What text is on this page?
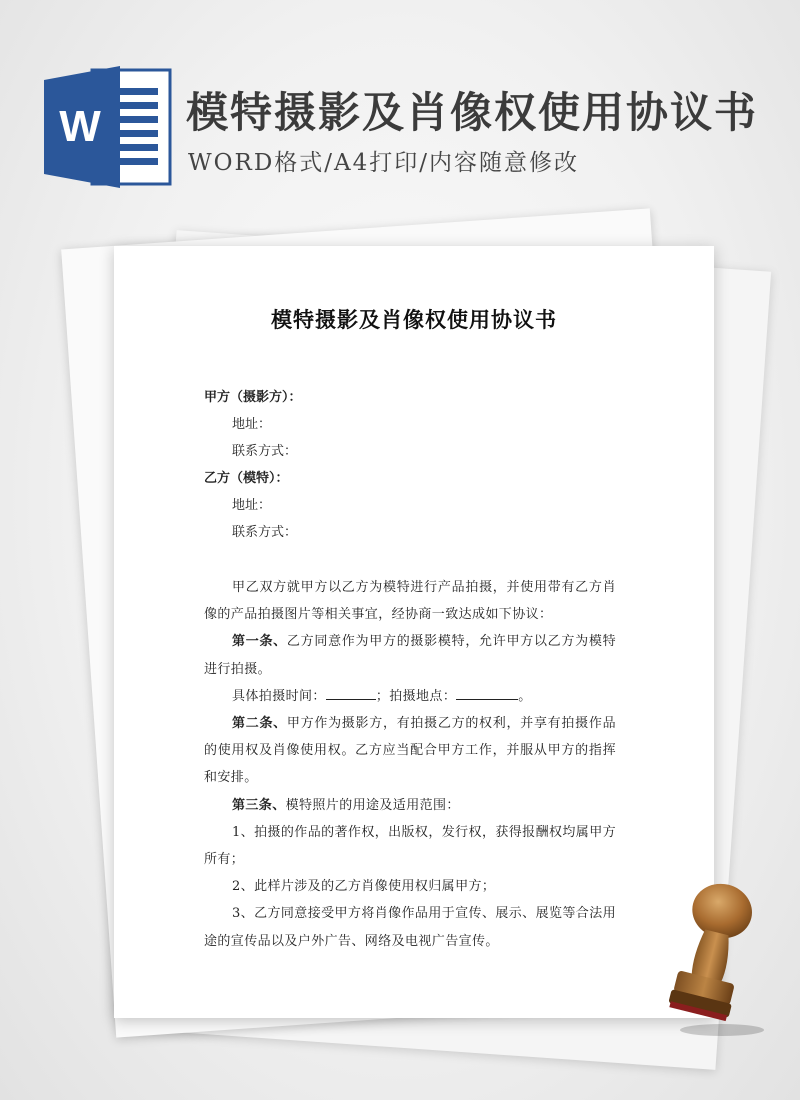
W 模特摄影及肖像权使用协议书
WORD格式/A4打印/内容随意修改
模特摄影及肖像权使用协议书
甲方（摄影方）：
地址：
联系方式：
乙方（模特）：
地址：
联系方式：

甲乙双方就甲方以乙方为模特进行产品拍摄，并使用带有乙方肖像的产品拍摄图片等相关事宜，经协商一致达成如下协议：

第一条、乙方同意作为甲方的摄影模特，允许甲方以乙方为模特进行拍摄。

具体拍摄时间：	；拍摄地点：	。

第二条、甲方作为摄影方，有拍摄乙方的权利，并享有拍摄作品的使用权及肖像使用权。乙方应当配合甲方工作，并服从甲方的指挥和安排。

第三条、模特照片的用途及适用范围：

1、拍摄的作品的著作权，出版权，发行权，获得报酬权均属甲方所有；

2、此样片涉及的乙方肖像使用权归属甲方；

3、乙方同意接受甲方将肖像作品用于宣传、展示、展览等合法用途的宣传品以及户外广告、网络及电视广告宣传。
